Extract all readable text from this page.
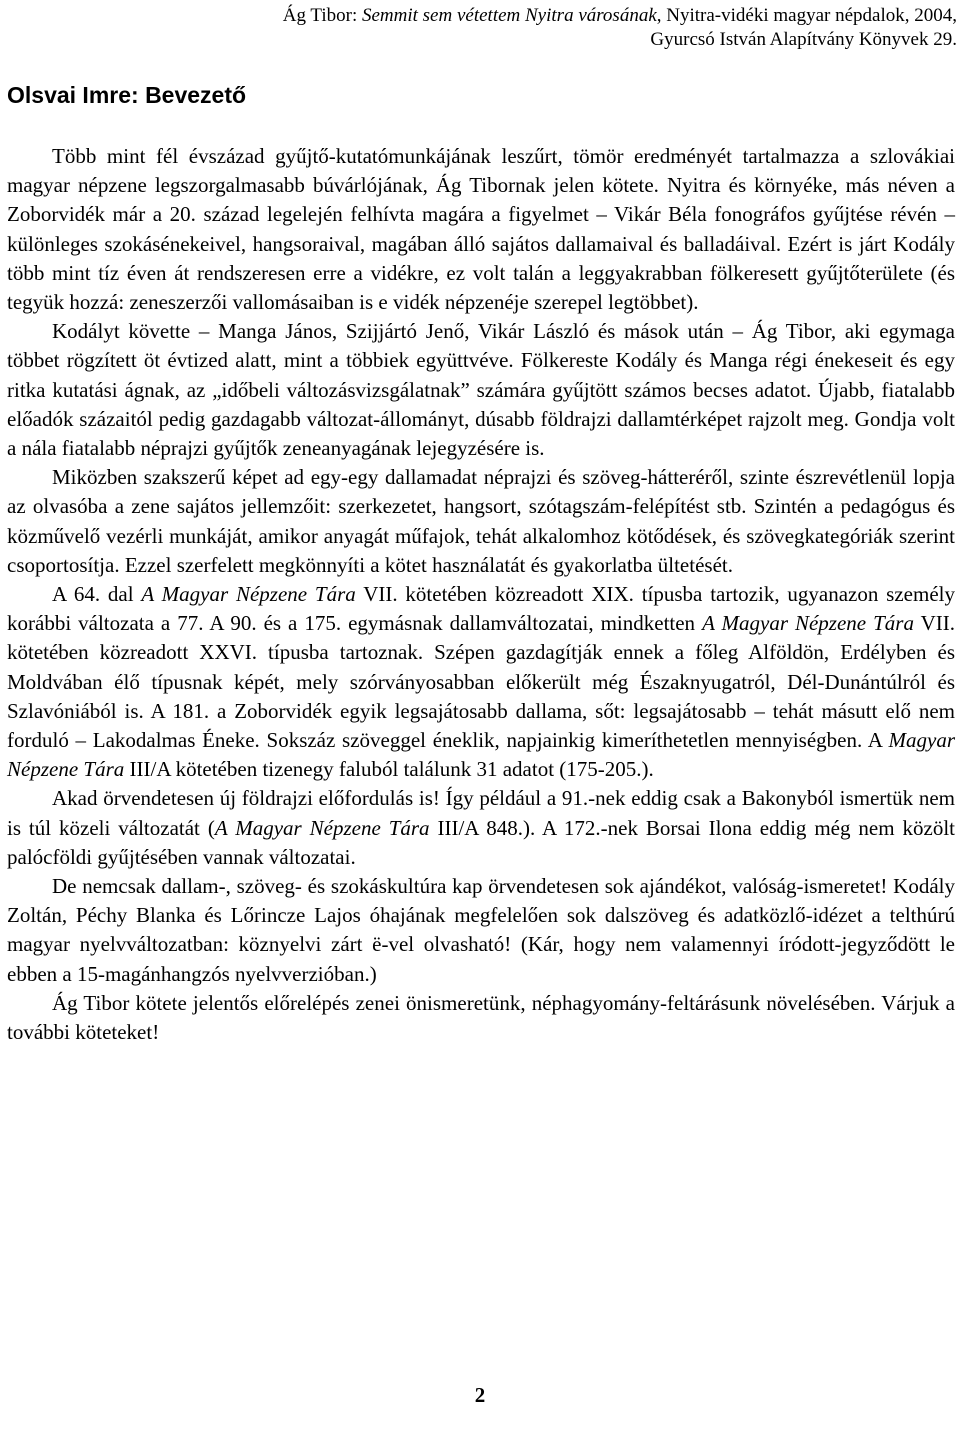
Ág Tibor: Semmit sem vétettem Nyitra városának, Nyitra-vidéki magyar népdalok, 2004,
Gyurcsó István Alapítvány Könyvek 29.
Olsvai Imre: Bevezető

Több mint fél évszázad gyűjtő-kutatómunkájának leszűrt, tömör eredményét tartalmazza a szlovákiai magyar népzene legszorgalmasabb búvárlójának, Ág Tibornak jelen kötete. Nyitra és környéke, más néven a Zoborvidék már a 20. század legelején felhívta magára a figyelmet – Vikár Béla fonográfos gyűjtése révén – különleges szokásénekeivel, hangsoraival, magában álló sajátos dallamaival és balladáival. Ezért is járt Kodály több mint tíz éven át rendszeresen erre a vidékre, ez volt talán a leggyakrabban fölkeresett gyűjtőterülete (és tegyük hozzá: zeneszerzői vallomásaiban is e vidék népzenéje szerepel legtöbbet).

Kodályt követte – Manga János, Szijjártó Jenő, Vikár László és mások után – Ág Tibor, aki egymaga többet rögzített öt évtized alatt, mint a többiek együttvéve. Fölkereste Kodály és Manga régi énekeseit és egy ritka kutatási ágnak, az „időbeli változásvizsgálatnak” számára gyűjtött számos becses adatot. Újabb, fiatalabb előadók százaitól pedig gazdagabb változat-állományt, dúsabb földrajzi dallamtérképet rajzolt meg. Gondja volt a nála fiatalabb néprajzi gyűjtők zeneanyagának lejegyzésére is.

Miközben szakszerű képet ad egy-egy dallamadat néprajzi és szöveg-hátteréről, szinte észrevétlenül lopja az olvasóba a zene sajátos jellemzőit: szerkezetet, hangsort, szótagszám-felépítést stb. Szintén a pedagógus és közművelő vezérli munkáját, amikor anyagát műfajok, tehát alkalomhoz kötődések, és szövegkategóriák szerint csoportosítja. Ezzel szerfelett megkönnyíti a kötet használatát és gyakorlatba ültetését.

A 64. dal A Magyar Népzene Tára VII. kötetében közreadott XIX. típusba tartozik, ugyanazon személy korábbi változata a 77. A 90. és a 175. egymásnak dallamváltozatai, mindketten A Magyar Népzene Tára VII. kötetében közreadott XXVI. típusba tartoznak. Szépen gazdagítják ennek a főleg Alföldön, Erdélyben és Moldvában élő típusnak képét, mely szórványosabban előkerült még Északnyugatról, Dél-Dunántúlról és Szlavóniából is. A 181. a Zoborvidék egyik legsajátosabb dallama, sőt: legsajátosabb – tehát másutt elő nem forduló – Lakodalmas Éneke. Sokszáz szöveggel éneklik, napjainkig kimeríthetetlen mennyiségben. A Magyar Népzene Tára III/A kötetében tizenegy faluból találunk 31 adatot (175-205.).

Akad örvendetesen új földrajzi előfordulás is! Így például a 91.-nek eddig csak a Bakonyból ismertük nem is túl közeli változatát (A Magyar Népzene Tára III/A 848.). A 172.-nek Borsai Ilona eddig még nem közölt palócföldi gyűjtésében vannak változatai.

De nemcsak dallam-, szöveg- és szokáskultúra kap örvendetesen sok ajándékot, valóság-ismeretet! Kodály Zoltán, Péchy Blanka és Lőrincze Lajos óhajának megfelelően sok dalszöveg és adatközlő-idézet a telthúrú magyar nyelvváltozatban: köznyelvi zárt ë-vel olvasható! (Kár, hogy nem valamennyi íródott-jegyződött le ebben a 15-magánhangzós nyelvverzióban.)

Ág Tibor kötete jelentős előrelépés zenei önismeretünk, néphagyomány-feltárásunk növelésében. Várjuk a további köteteket!

2
